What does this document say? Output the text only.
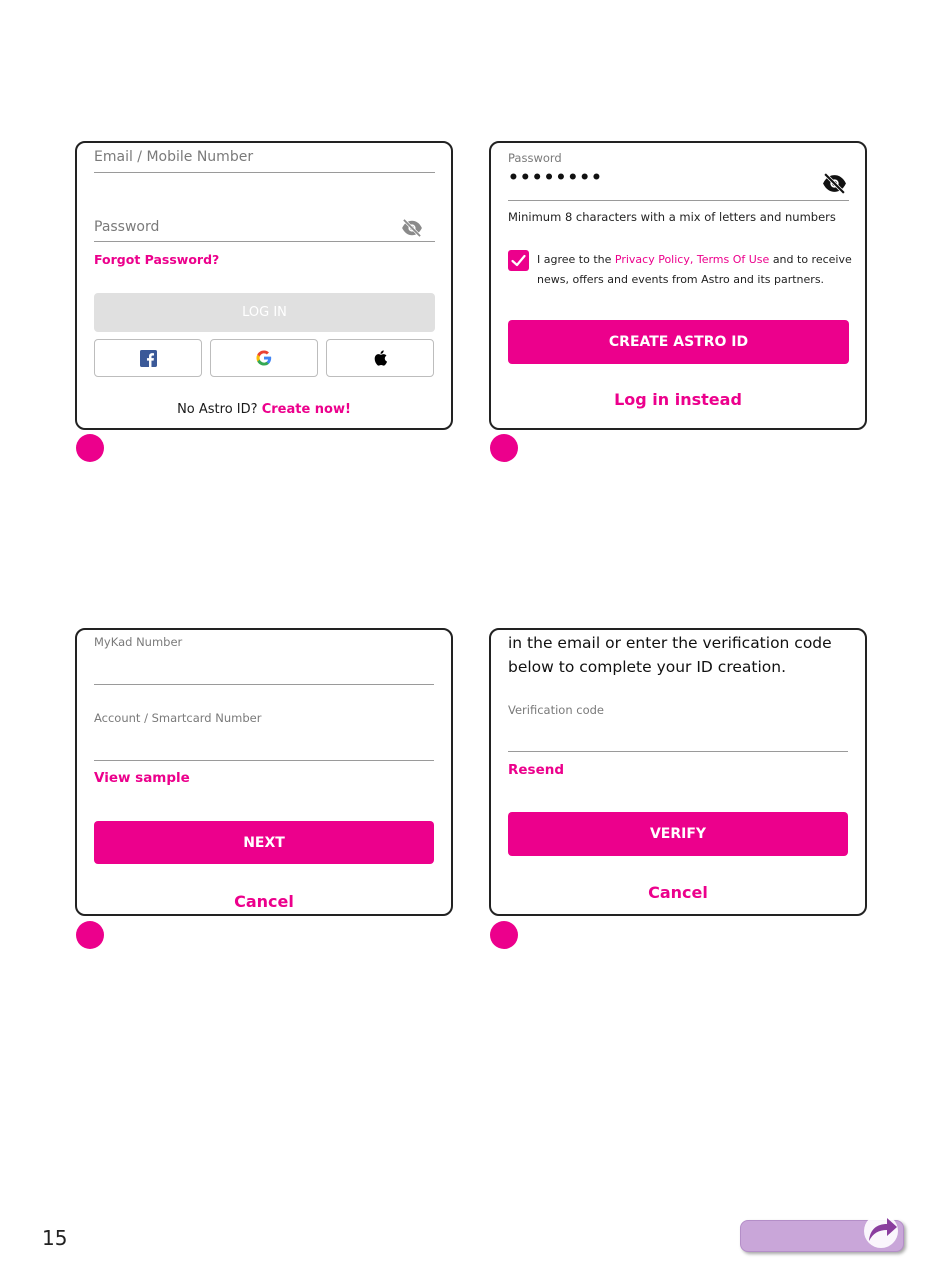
Email / Mobile Number
Password
Forgot Password?
LOG IN
No Astro ID? Create now!
Password
••••••••
Minimum 8 characters with a mix of letters and numbers
I agree to the Privacy Policy, Terms Of Use and to receive
news, offers and events from Astro and its partners.
CREATE ASTRO ID
Log in instead
MyKad Number
Account / Smartcard Number
View sample
NEXT
Cancel
in the email or enter the verification code
below to complete your ID creation.
Verification code
Resend
VERIFY
Cancel
15
